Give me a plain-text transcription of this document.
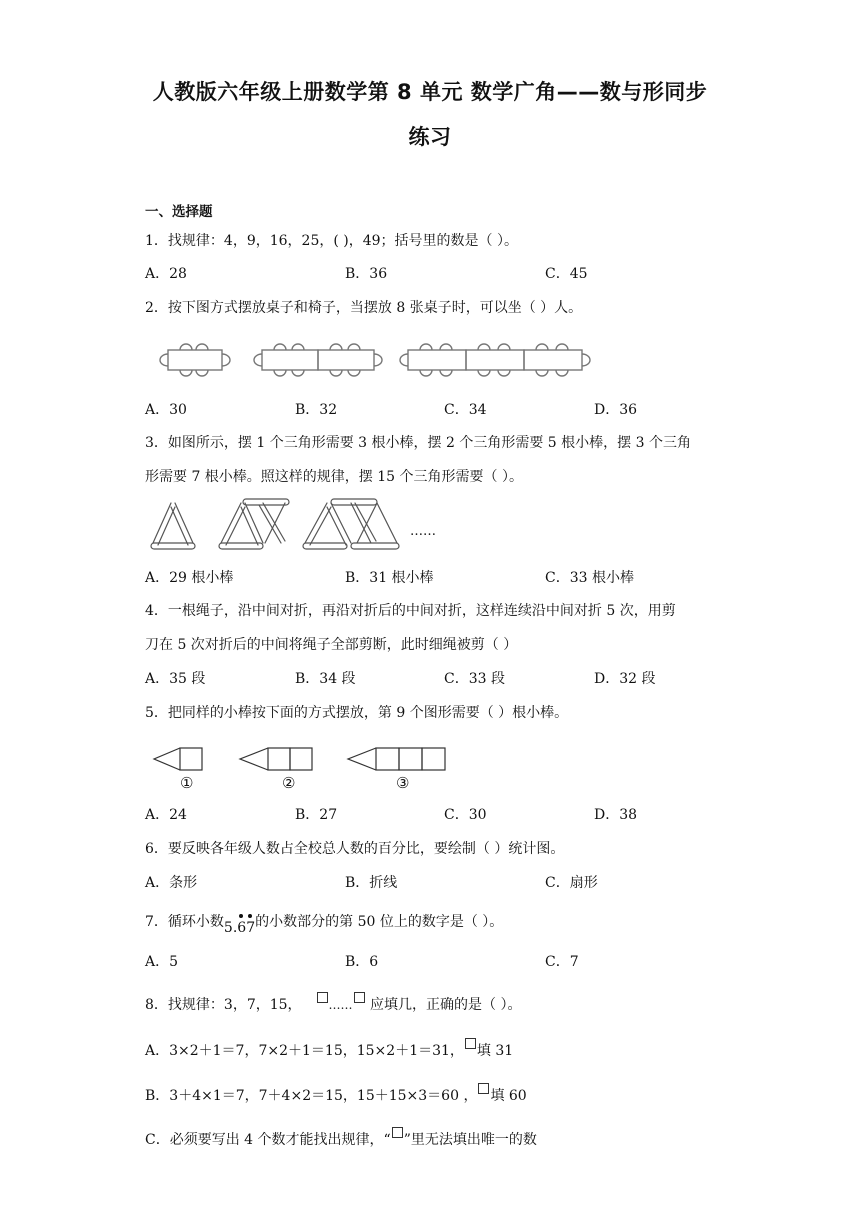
人教版六年级上册数学第 8 单元 数学广角——数与形同步
练习
一、选择题
1．找规律：4，9，16，25，( )，49；括号里的数是（ ）。
A．28	B．36	C．45
2．按下图方式摆放桌子和椅子，当摆放 8 张桌子时，可以坐（ ）人。
A．30	B．32	C．34	D．36
3．如图所示，摆 1 个三角形需要 3 根小棒，摆 2 个三角形需要 5 根小棒，摆 3 个三角
形需要 7 根小棒。照这样的规律，摆 15 个三角形需要（ ）。
……
A．29 根小棒	B．31 根小棒	C．33 根小棒
4．一根绳子，沿中间对折，再沿对折后的中间对折，这样连续沿中间对折 5 次，用剪
刀在 5 次对折后的中间将绳子全部剪断，此时细绳被剪（ ）
A．35 段	B．34 段	C．33 段	D．32 段
5．把同样的小棒按下面的方式摆放，第 9 个图形需要（ ）根小棒。
①	②	③
A．24	B．27	C．30	D．38
6．要反映各年级人数占全校总人数的百分比，要绘制（ ）统计图。
A．条形	B．折线	C．扇形
7．循环小数5.
6
7的小数部分的第 50 位上的数字是（ ）。
A．5	B．6	C．7
8．找规律：3，7，15， …… 应填几，正确的是（ ）。
A．3×2＋1＝7，7×2＋1＝15，15×2＋1＝31， 填 31
B．3＋4×1＝7，7＋4×2＝15，15＋15×3＝60 ， 填 60
C．必须要写出 4 个数才能找出规律，“ ”里无法填出唯一的数
